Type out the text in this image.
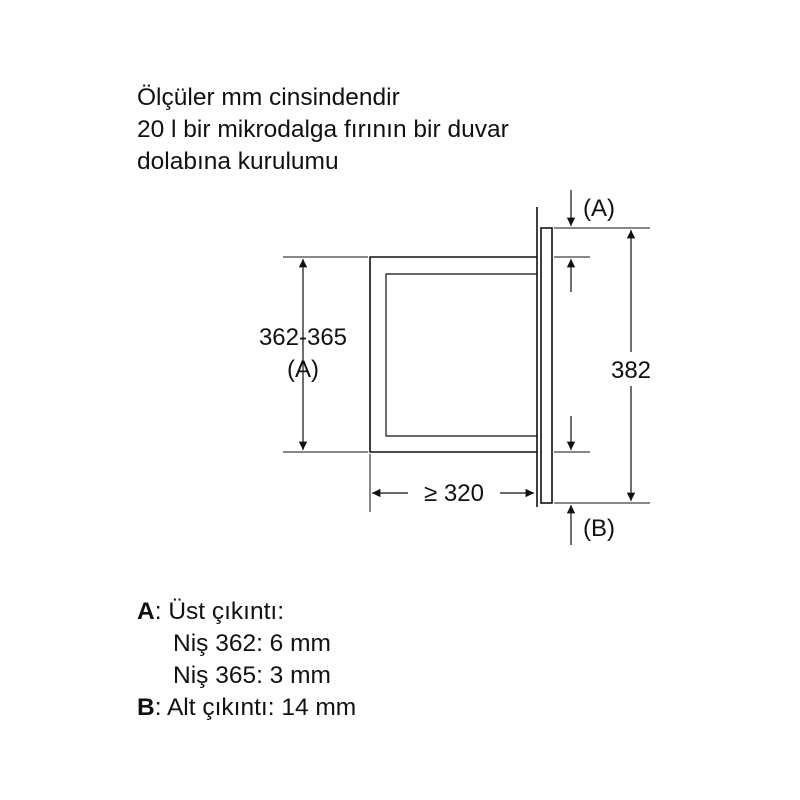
Ölçüler mm cinsindendir
20 l bir mikrodalga fırının bir duvar
dolabına kurulumu
362-365
(A)
≥ 320
382
(A)
(B)
A: Üst çıkıntı:
Niş 362: 6 mm
Niş 365: 3 mm
B: Alt çıkıntı: 14 mm
